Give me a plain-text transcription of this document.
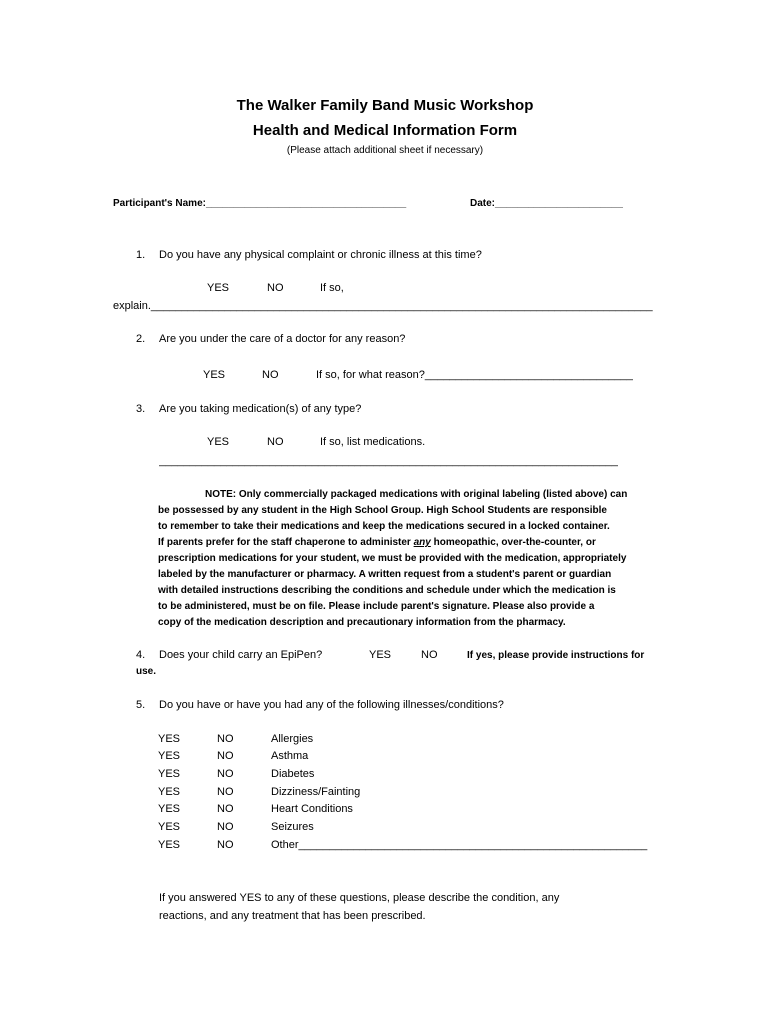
The Walker Family Band Music Workshop
Health and Medical Information Form
(Please attach additional sheet if necessary)
Participant's Name:____________________________________	Date:_______________________
1. Do you have any physical complaint or chronic illness at this time?
YES	NO	If so,
explain.__________________________________________________________________________________
2. Are you under the care of a doctor for any reason?
YES	NO	If so, for what reason?__________________________________
3. Are you taking medication(s) of any type?
YES	NO	If so, list medications.
___________________________________________________________________________
NOTE: Only commercially packaged medications with original labeling (listed above) can
be possessed by any student in the High School Group. High School Students are responsible
to remember to take their medications and keep the medications secured in a locked container.
If parents prefer for the staff chaperone to administer any homeopathic, over-the-counter, or
prescription medications for your student, we must be provided with the medication, appropriately
labeled by the manufacturer or pharmacy. A written request from a student's parent or guardian
with detailed instructions describing the conditions and schedule under which the medication is
to be administered, must be on file. Please include parent's signature. Please also provide a
copy of the medication description and precautionary information from the pharmacy.
4. Does your child carry an EpiPen?	YES	NO	If yes, please provide instructions for
use.
5. Do you have or have you had any of the following illnesses/conditions?
YES	NO	Allergies
YES	NO	Asthma
YES	NO	Diabetes
YES	NO	Dizziness/Fainting
YES	NO	Heart Conditions
YES	NO	Seizures
YES	NO	Other_________________________________________________________
If you answered YES to any of these questions, please describe the condition, any
reactions, and any treatment that has been prescribed.
